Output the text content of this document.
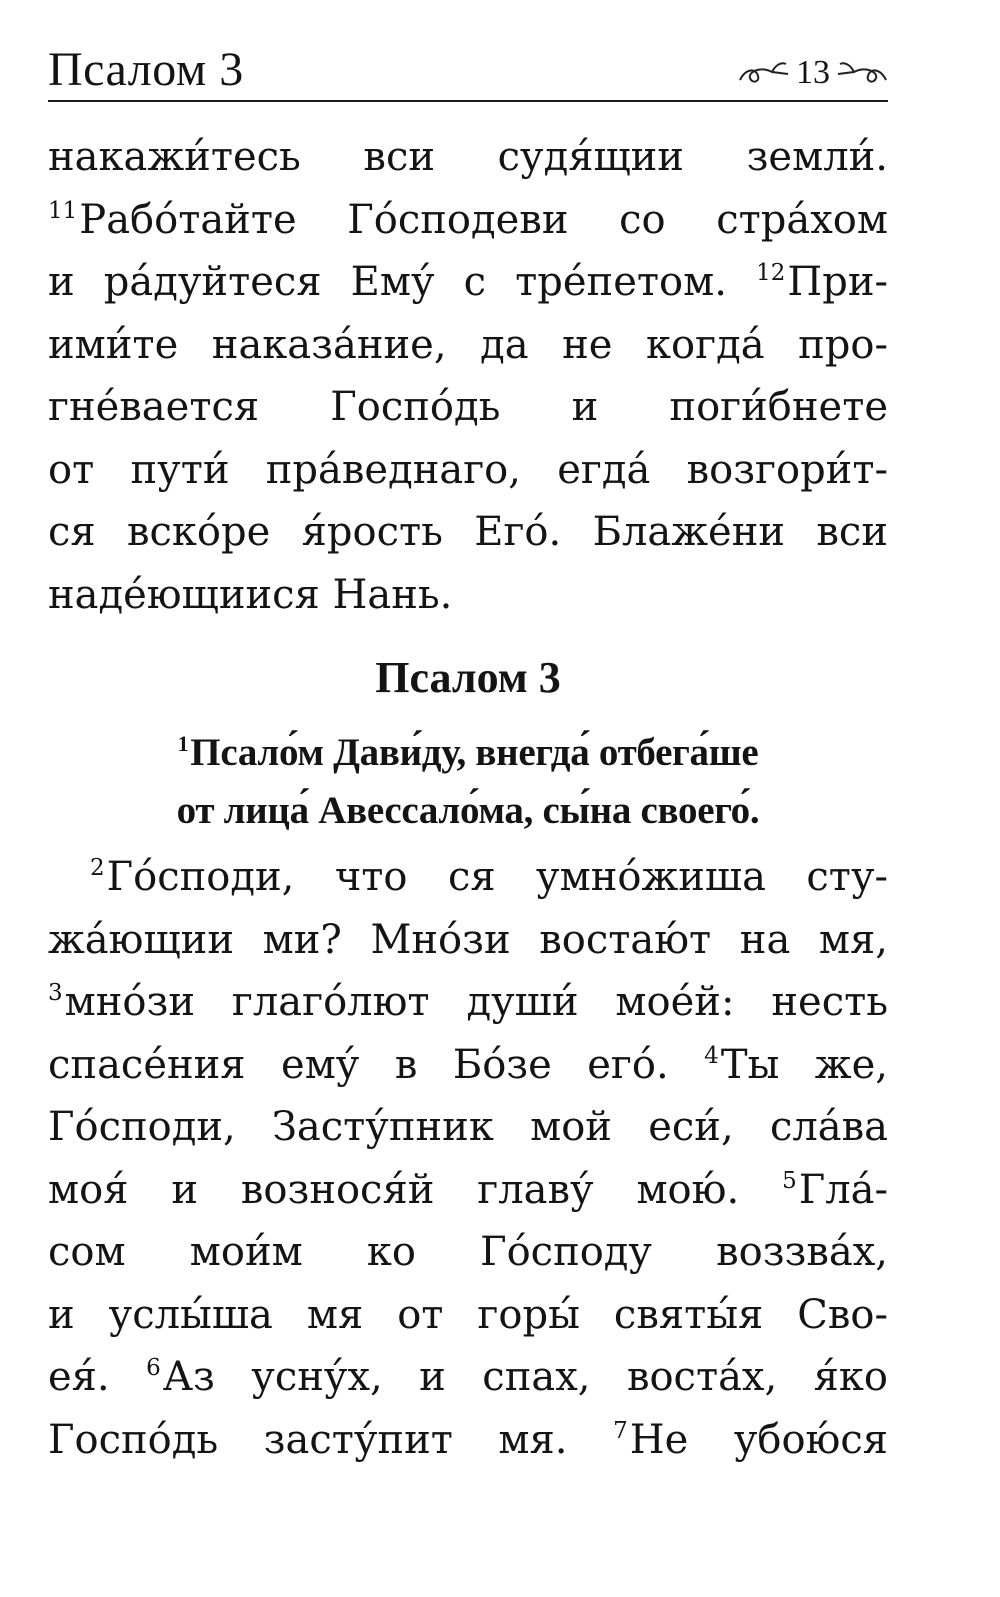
Псалом 3	13
накажи́тесь вси судя́щии земли́.
$^{11}$Рабо́тайте Го́сподеви со стра́хом
и ра́дуйтеся Ему́ с тре́петом. $^{12}$При-
ими́те наказа́ние, да не когда́ про-
гне́вается Госпо́дь и поги́бнете
от пути́ пра́веднаго, егда́ возгори́т-
ся вско́ре я́рость Его́. Блаже́ни вси
наде́ющиися Нань.
Псалом 3
$^1$Псало́м Дави́ду, внегда́ отбега́ше
от лица́ Авессало́ма, сы́на своего́.
$^2$Го́споди, что ся умно́жиша сту-
жа́ющии ми? Мно́зи востаю́т на мя,
$^3$мно́зи глаго́лют души́ мое́й: несть
спасе́ния ему́ в Бо́зе его́. $^4$Ты же,
Го́споди, Засту́пник мой еси́, сла́ва
моя́ и вознося́й главу́ мою́. $^5$Гла́-
сом мои́м ко Го́споду воззва́х,
и услы́ша мя от горы́ святы́я Сво-
ея́. $^6$Аз усну́х, и спах, воста́х, я́ко
Госпо́дь засту́пит мя. $^7$Не убою́ся
